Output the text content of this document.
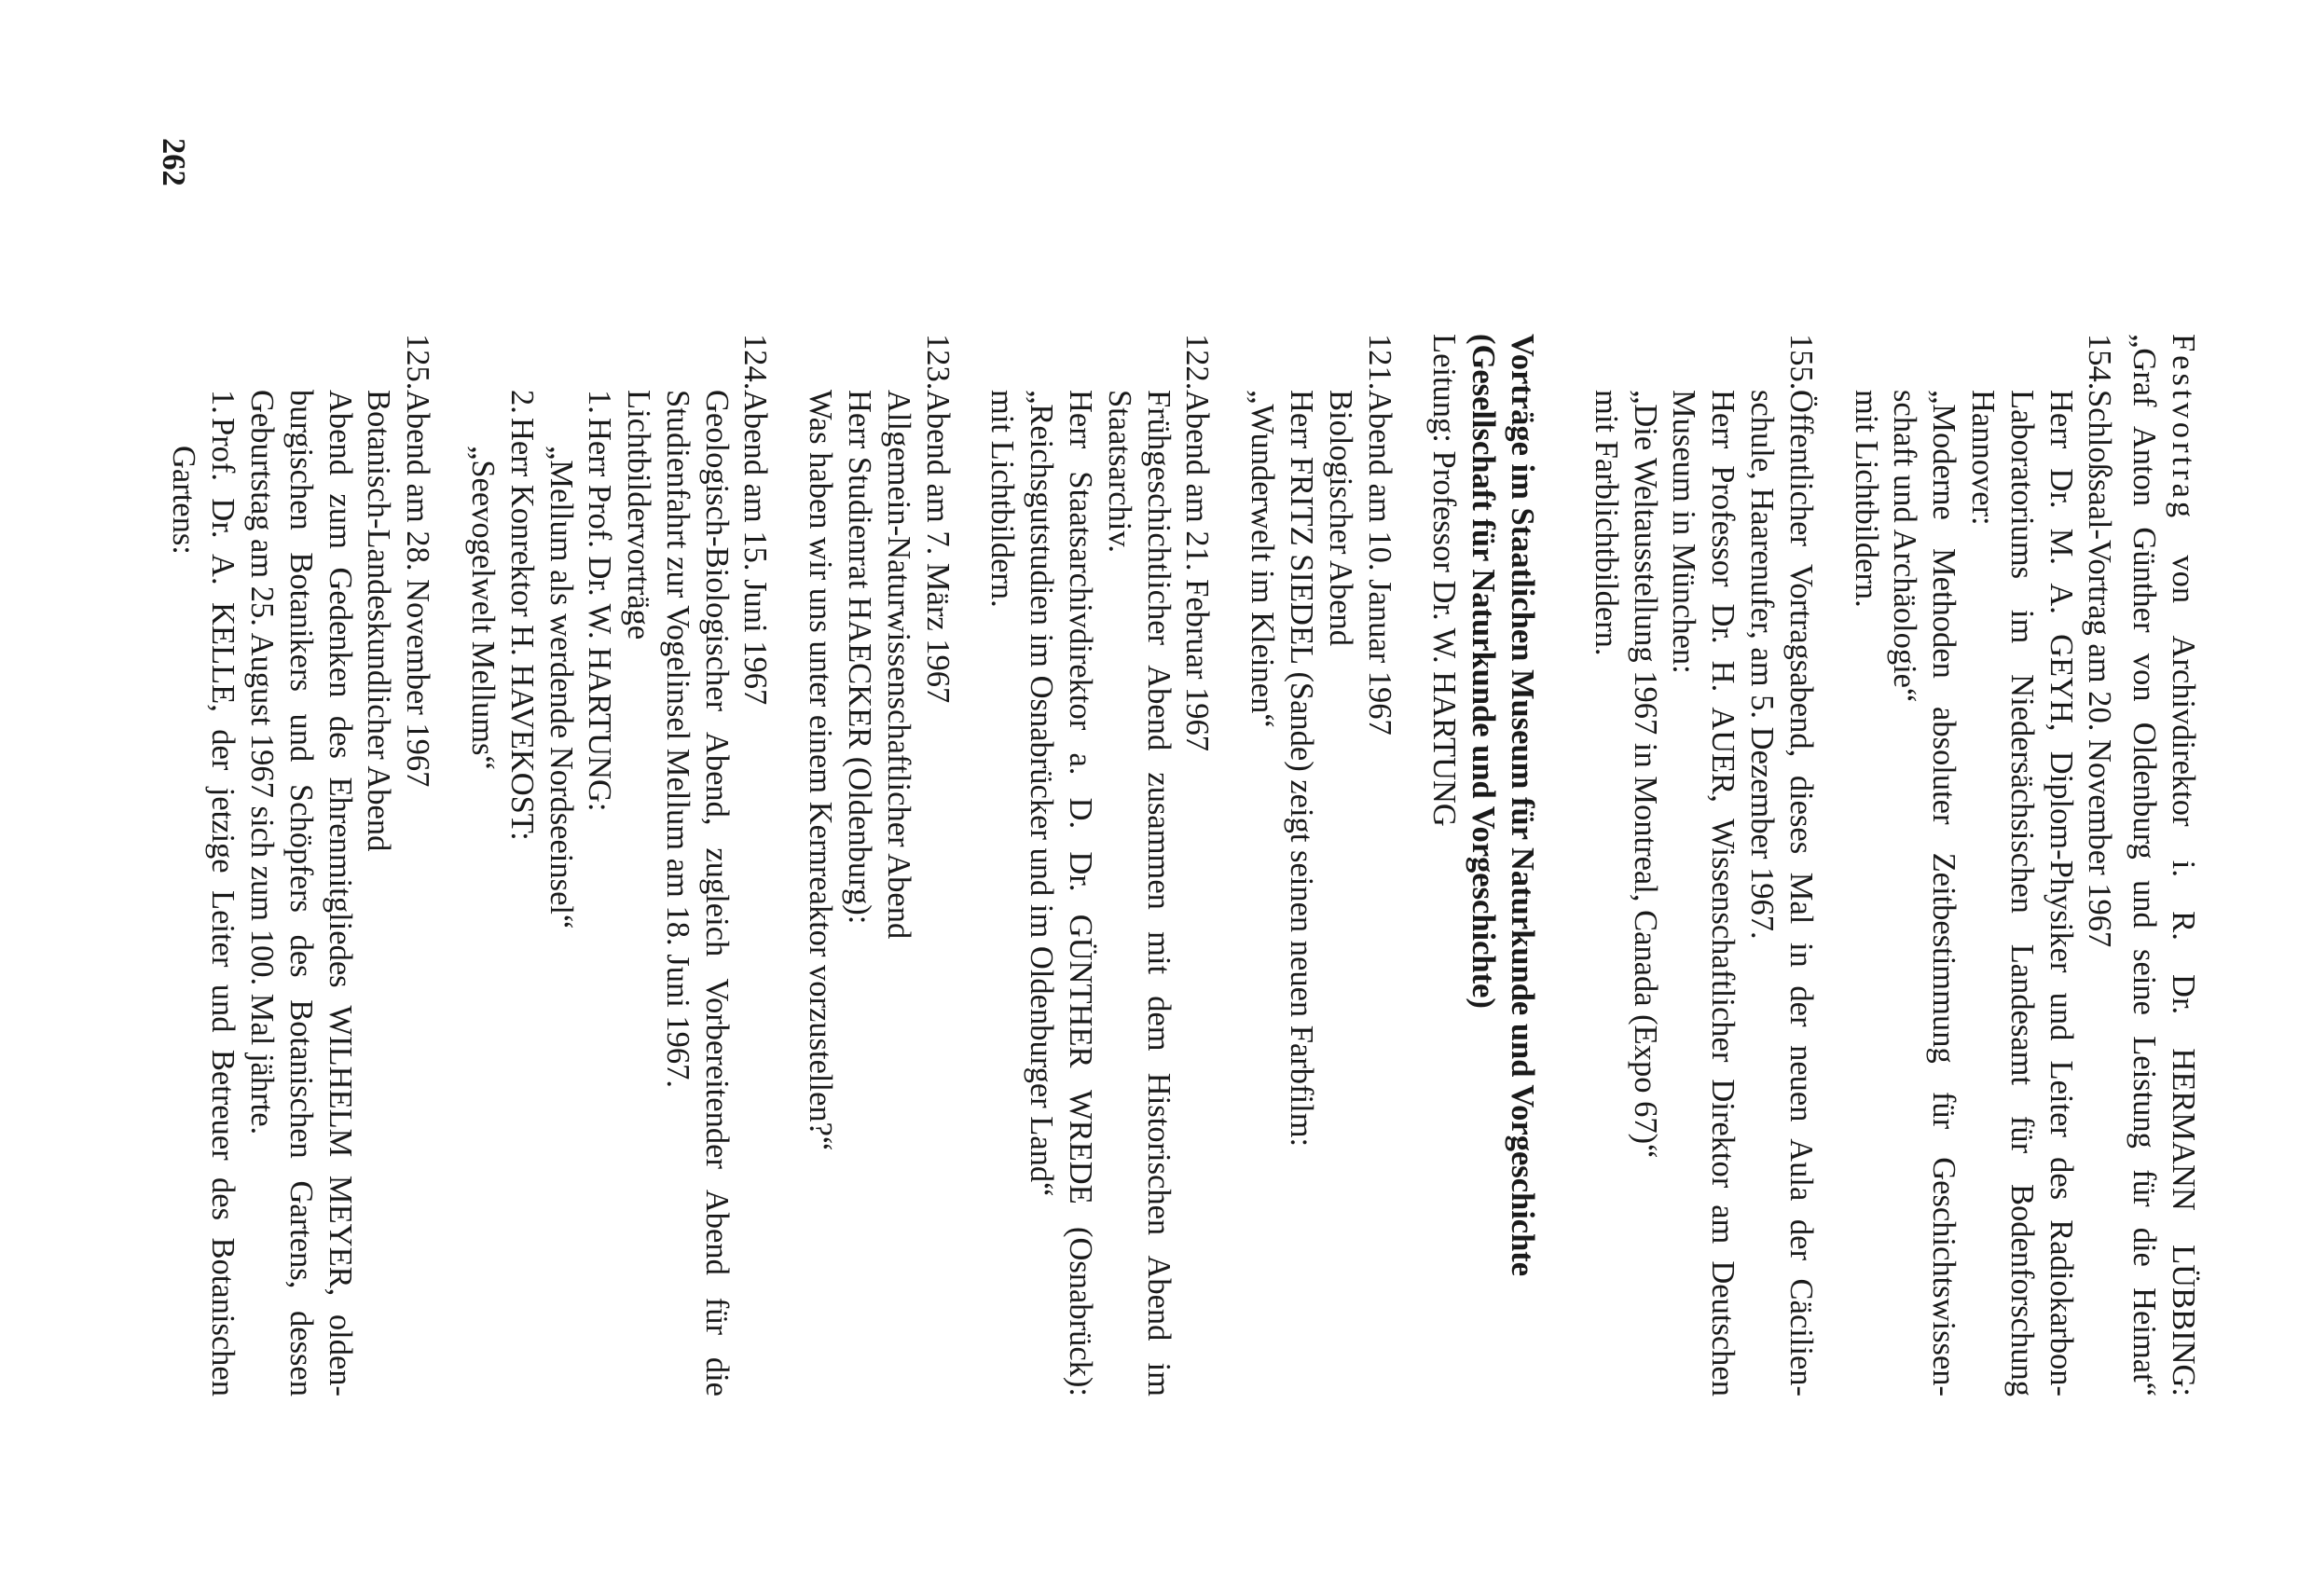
Festvortrag von Archivdirektor i. R. Dr. HERMANN LÜBBING:
„Graf Anton Günther von Oldenburg und seine Leistung für die Heimat“
154.
Schloßsaal-Vortrag am 20. November 1967
Herr Dr. M. A. GEYH, Diplom-Physiker und Leiter des Radiokarbon-
Laboratoriums im Niedersächsischen Landesamt für Bodenforschung
Hannover:
„Moderne Methoden absoluter Zeitbestimmung für Geschichtswissen-
schaft und Archäologie“
mit Lichtbildern.
155.
Öffentlicher Vortragsabend, dieses Mal in der neuen Aula der Cäcilien-
schule, Haarenufer, am 5. Dezember 1967.
Herr Professor Dr. H. AUER, Wissenschaftlicher Direktor am Deutschen
Museum in München:
„Die Weltausstellung 1967 in Montreal, Canada (Expo 67)“
mit Farblichtbildern.
Vorträge im Staatlichen Museum für Naturkunde und Vorgeschichte
(Gesellschaft für Naturkunde und Vorgeschichte)
Leitung: Professor Dr. W. HARTUNG
121.
Abend am 10. Januar 1967
Biologischer Abend
Herr FRITZ SIEDEL (Sande) zeigt seinen neuen Farbfilm:
„Wunderwelt im Kleinen“
122.
Abend am 21. Februar 1967
Frühgeschichtlicher Abend zusammen mit dem Historischen Abend im
Staatsarchiv.
Herr Staatsarchivdirektor a. D. Dr. GÜNTHER WREDE (Osnabrück):
„Reichsgutstudien im Osnabrücker und im Oldenburger Land“
mit Lichtbildern.
123.
Abend am 7. März 1967
Allgemein-Naturwissenschaftlicher Abend
Herr Studienrat HAECKER (Oldenburg):
Was haben wir uns unter einem Kernreaktor vorzustellen?“
124.
Abend am 15. Juni 1967
Geologisch-Biologischer Abend, zugleich Vorbereitender Abend für die
Studienfahrt zur Vogelinsel Mellum am 18. Juni 1967.
Lichtbildervorträge
1.
Herr Prof. Dr. W. HARTUNG:
„Mellum als werdende Nordseeinsel“
2.
Herr Konrektor H. HAVEKOST:
„Seevogelwelt Mellums“
125.
Abend am 28. November 1967
Botanisch-Landeskundlicher Abend
Abend zum Gedenken des Ehrenmitgliedes WILHELM MEYER, olden-
burgischen Botanikers und Schöpfers des Botanischen Gartens, dessen
Geburtstag am 25. August 1967 sich zum 100. Mal jährte.
1.
Prof. Dr. A. KELLE, der jetzige Leiter und Betreuer des Botanischen
Gartens:
262
